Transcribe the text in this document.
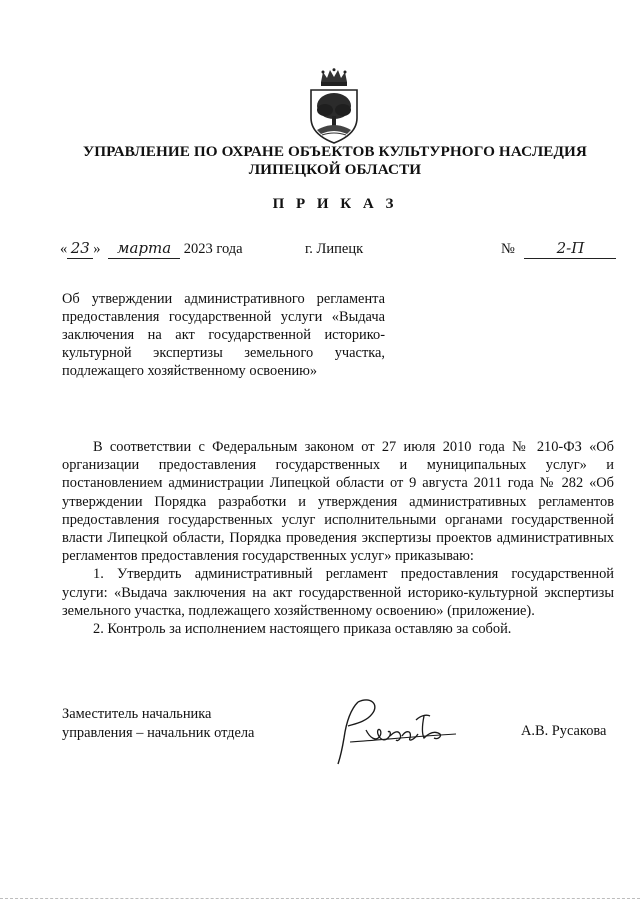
УПРАВЛЕНИЕ ПО ОХРАНЕ ОБЪЕКТОВ КУЛЬТУРНОГО НАСЛЕДИЯ
ЛИПЕЦКОЙ ОБЛАСТИ
П Р И К А З
« 23 » марта 2023 года	г. Липецк	№	2-П
Об утверждении административного регламента предоставления государственной услуги «Выдача заключения на акт государственной историко-культурной экспертизы земельного участка, подлежащего хозяйственному освоению»

В соответствии с Федеральным законом от 27 июля 2010 года № 210-ФЗ «Об организации предоставления государственных и муниципальных услуг» и постановлением администрации Липецкой области от 9 августа 2011 года № 282 «Об утверждении Порядка разработки и утверждения административных регламентов предоставления государственных услуг исполнительными органами государственной власти Липецкой области, Порядка проведения экспертизы проектов административных регламентов предоставления государственных услуг» приказываю:

1. Утвердить административный регламент предоставления государственной услуги: «Выдача заключения на акт государственной историко-культурной экспертизы земельного участка, подлежащего хозяйственному освоению» (приложение).

2. Контроль за исполнением настоящего приказа оставляю за собой.

Заместитель начальника
управления – начальник отдела	А.В. Русакова
